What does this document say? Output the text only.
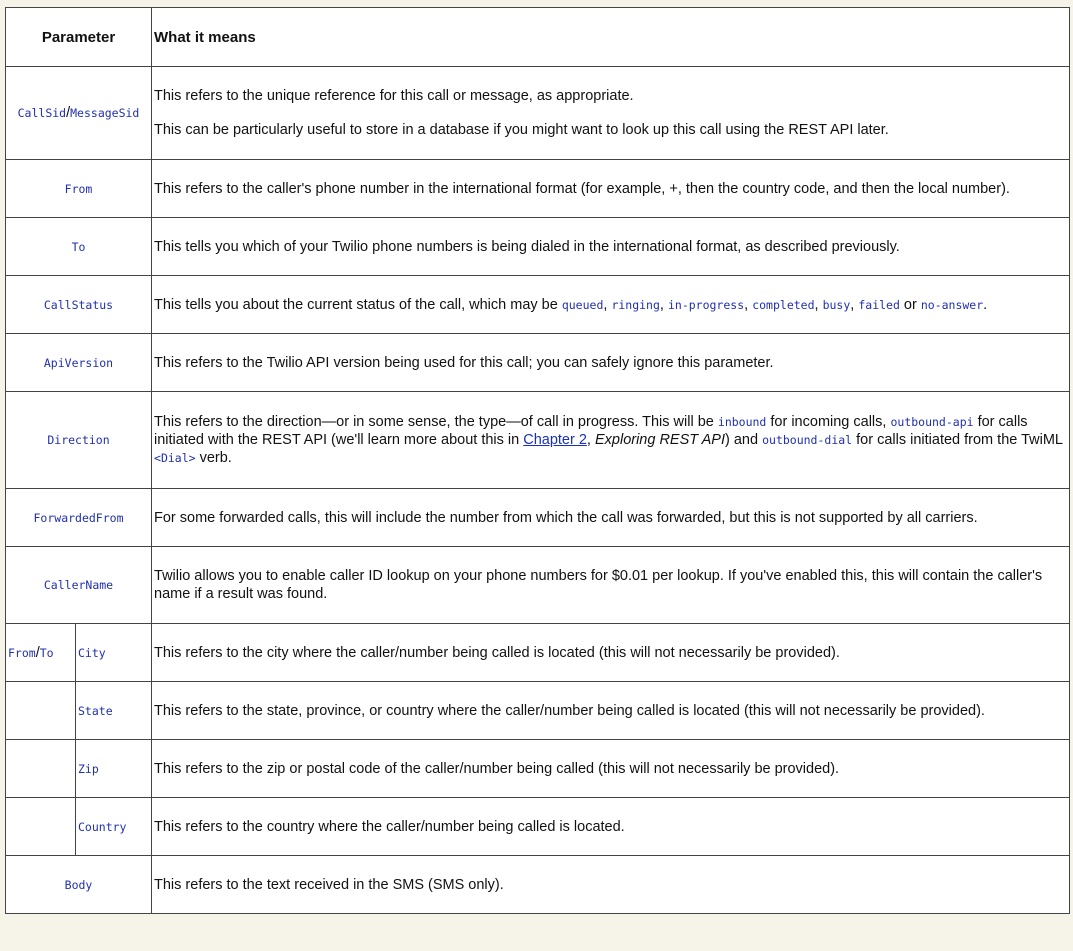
Parameter		What it means
CallSid/MessageSid		This refers to the unique reference for this call or message, as appropriate.

This can be particularly useful to store in a database if you might want to look up this call using the REST API later.

From		This refers to the caller's phone number in the international format (for example, +, then the country code, and then the local number).
To		This tells you which of your Twilio phone numbers is being dialed in the international format, as described previously.
CallStatus		This tells you about the current status of the call, which may be queued, ringing, in-progress, completed, busy, failed or no-answer.
ApiVersion		This refers to the Twilio API version being used for this call; you can safely ignore this parameter.
Direction		This refers to the direction—or in some sense, the type—of call in progress. This will be inbound for incoming calls, outbound-api for calls initiated with the REST API (we'll learn more about this in Chapter 2, Exploring REST API) and outbound-dial for calls initiated from the TwiML <Dial> verb.
ForwardedFrom		For some forwarded calls, this will include the number from which the call was forwarded, but this is not supported by all carriers.
CallerName		Twilio allows you to enable caller ID lookup on your phone numbers for $0.01 per lookup. If you've enabled this, this will contain the caller's name if a result was found.
From/To	City	This refers to the city where the caller/number being called is located (this will not necessarily be provided).
	State	This refers to the state, province, or country where the caller/number being called is located (this will not necessarily be provided).
	Zip	This refers to the zip or postal code of the caller/number being called (this will not necessarily be provided).
	Country	This refers to the country where the caller/number being called is located.
Body		This refers to the text received in the SMS (SMS only).
